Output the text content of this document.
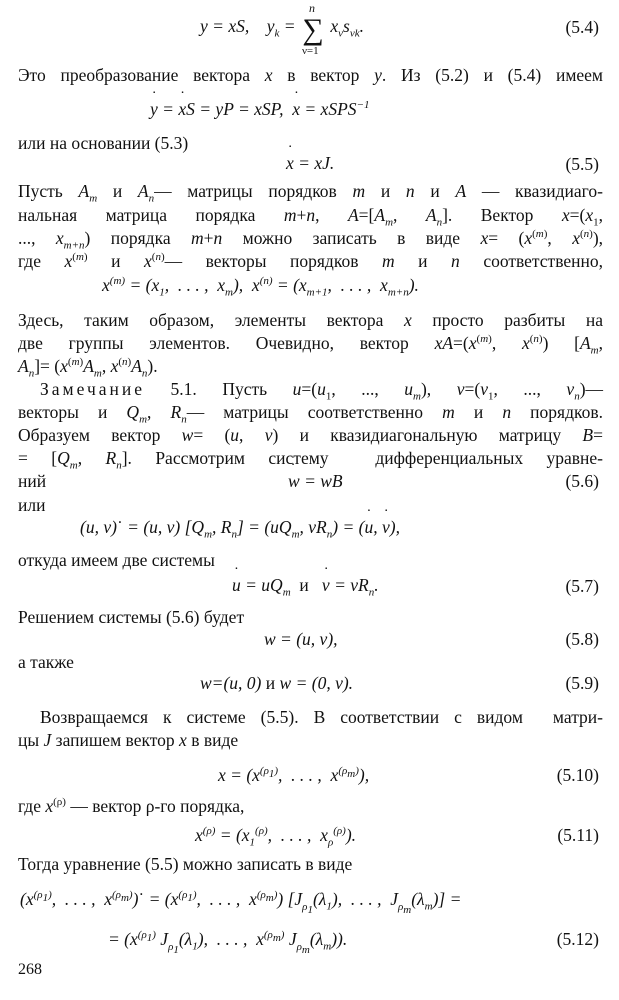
y = xS,    $y_k$ =
n
∑
ν=1
$x_\nu s_{\nu k}$.	(5.4)
Это преобразование вектора x в вектор y. Из (5.2) и (5.4) имеем
˙ y = ˙ xS = yP = xSP,  ˙ x = xSPS$^{-1}$
или на основании (5.3)
˙ x = xJ.	(5.5)
Пусть $A_m$ и $A_n—$ матрицы порядков m и n и A — квазидиаго-
нальная матрица порядка m+n, $A=[A_m$, $A_n$]. Вектор $x=(x_1$,
..., $x_{m+n}$) порядка m+n можно записать в виде $x= (x^{(m)}$, $x^{(n)}$),
где $x^{(m)}$ и $x^{(n)}—$ векторы порядков m и n соответственно,
$x^{(m)} = (x_1$,  . . . ,  $x_m$),  $x^{(n)} = (x_{m+1}$,  . . . ,  $x_{m+n}$).
Здесь, таким образом, элементы вектора x просто разбиты на
две группы элементов. Очевидно, вектор $xA=(x^{(m)}$, $x^{(n)}$) [$A_m$,
$A_n]= (x^{(m)}A_m$, $x^{(n)}A_n$).
Замечание 5.1. Пусть $u=(u_1$, ..., $u_m$), $v=(v_1$, ..., $v_n)—$
векторы и $Q_m$, $R_n—$ матрицы соответственно m и n порядков.
Образуем вектор w= (u, v) и квазидиагональную матрицу B=
= [$Q_m$, $R_n$]. Рассмотрим систему  дифференциальных уравне-
ний	˙ w = wB	(5.6)
или
(u, v)˙ = (u, v) [$Q_m$, $R_n] = (uQ_m$, $vR_n$) = (˙ u, ˙ v),
откуда имеем две системы
˙ $u = uQ_m$ и ˙ $v = vR_n$.	(5.7)
Решением системы (5.6) будет
w = (u, v),	(5.8)
а также
w=(u, 0) и w = (0, v).	(5.9)
Возвращаемся к системе (5.5). В соответствии с видом  матри-
цы J запишем вектор x в виде
$x = (x^{(\rho_1)}$,  . . . ,  $x^{(\rho_m)}$),	(5.10)
где $x^{(\rho)}$ — вектор ρ-го порядка,
$x^{(\rho)} = (x_1^{(\rho)}$,  . . . ,  $x_\rho^{(\rho)}$).	(5.11)
Тогда уравнение (5.5) можно записать в виде
($x^{(\rho_1)}$,  . . . ,  $x^{(\rho_m)})˙ = (x^{(\rho_1)}$,  . . . ,  $x^{(\rho_m)}$) [$J_{\rho_1}(\lambda_1)$,  . . . ,  $J_{\rho_m}(\lambda_m)$] =
= ($x^{(\rho_1)}$ $J_{\rho_1}(\lambda_1)$,  . . . ,  $x^{(\rho_m)}$ $J_{\rho_m}(\lambda_m)$).	(5.12)
268
